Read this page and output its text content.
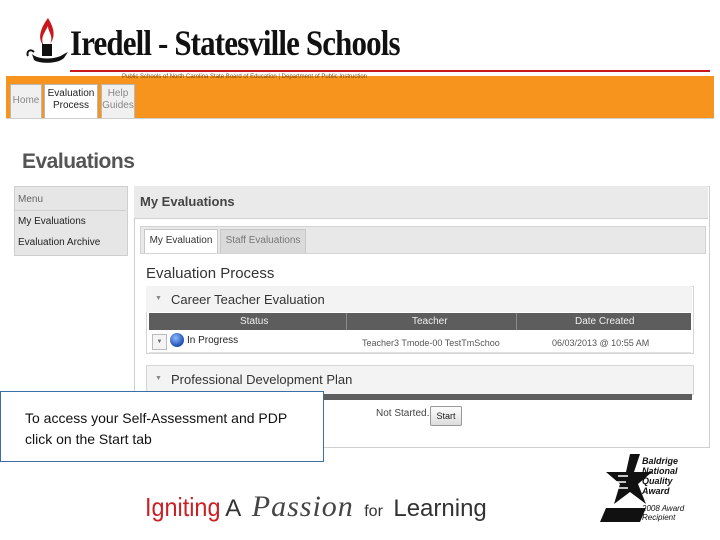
Iredell - Statesville Schools
Public Schools of North Carolina State Board of Education | Department of Public Instruction
Home
Evaluation Process
Help Guides
Evaluations
Menu
My Evaluations
Evaluation Archive
My Evaluations
My Evaluation	Staff Evaluations
Evaluation Process
▼ Career Teacher Evaluation
Status	Teacher	Date Created
▼	In Progress	Teacher3 Tmode-00 TestTmSchoo	06/03/2013 @ 10:55 AM
▼ Professional Development Plan
Not Started. Start
To access your Self-Assessment and PDP click on the Start tab
Igniting A Passion for Learning
Baldrige
National
Quality
Award
2008 Award
Recipient
